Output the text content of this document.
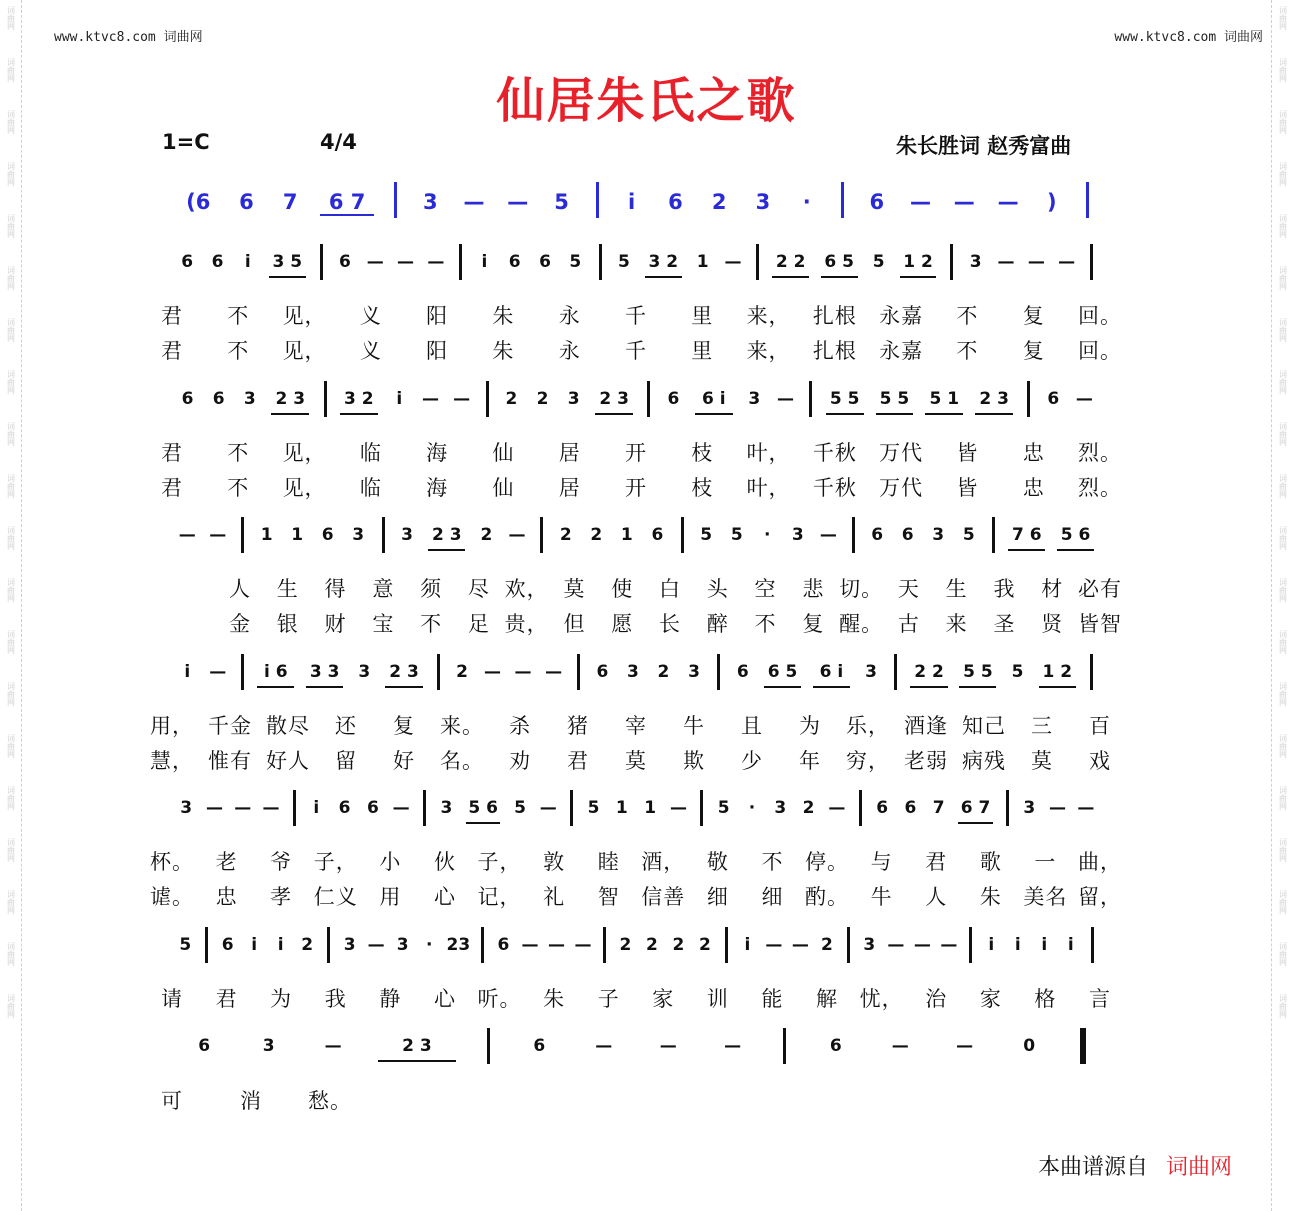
词曲网
词曲网
词曲网
词曲网
词曲网
词曲网
词曲网
词曲网
词曲网
词曲网
词曲网
词曲网
词曲网
词曲网
词曲网
词曲网
词曲网
词曲网
词曲网
词曲网
词曲网
词曲网
词曲网
词曲网
词曲网
词曲网
词曲网
词曲网
词曲网
词曲网
词曲网
词曲网
词曲网
词曲网
词曲网
词曲网
词曲网
词曲网
词曲网
词曲网
www.ktvc8.com 词曲网	www.ktvc8.com 词曲网
仙居朱氏之歌
1=C	4/4	朱长胜词 赵秀富曲
(6 6 7 6 7	3 — — 5	i 6 2 3 ·	6 — — — )
6 6 i 3 5 6 — — — i 6 6 5 5 3 2 1 — 2 2 6 5 5 1 2 3 — — —
君 不 见， 义 阳 朱 永 千 里 来， 扎根 永嘉 不 复 回。
君 不 见， 义 阳 朱 永 千 里 来， 扎根 永嘉 不 复 回。
6 6 3 2 3 3 2 i — — 2 2 3 2 3 6 6 i 3 — 5 5 5 5 5 1 2 3 6 —
君 不 见， 临 海 仙 居 开 枝 叶， 千秋 万代 皆 忠 烈。
君 不 见， 临 海 仙 居 开 枝 叶， 千秋 万代 皆 忠 烈。
— — 1 1 6 3 3 2 3 2 — 2 2 1 6 5 5 · 3 — 6 6 3 5 7 6 5 6
人 生 得 意 须 尽 欢， 莫 使 白 头 空 悲 切。 天 生 我 材 必有
金 银 财 宝 不 足 贵， 但 愿 长 醉 不 复 醒。 古 来 圣 贤 皆智
i — i 6 3 3 3 2 3 2 — — — 6 3 2 3 6 6 5 6 i 3 2 2 5 5 5 1 2
用， 千金 散尽 还 复 来。 杀 猪 宰 牛 且 为 乐， 酒逢 知己 三 百
慧， 惟有 好人 留 好 名。 劝 君 莫 欺 少 年 穷， 老弱 病残 莫 戏
3 — — — i 6 6 — 3 5 6 5 — 5 1 1 — 5 · 3 2 — 6 6 7 6 7 3 — —
杯。 老 爷 子， 小 伙 子， 敦 睦 酒， 敬 不 停。 与 君 歌 一 曲，
谑。 忠 孝 仁义 用 心 记， 礼 智 信善 细 细 酌。 牛 人 朱 美名 留，
5 6 i i 2 3 — 3 · 23 6 — — — 2 2 2 2 i — — 2 3 — — — i i i i
请 君 为 我 静 心 听。 朱 子 家 训 能 解 忧， 治 家 格 言
6	3	—	2 3	6	—	—	—	6	—	—	0
可	消 愁。
本曲谱源自 词曲网
